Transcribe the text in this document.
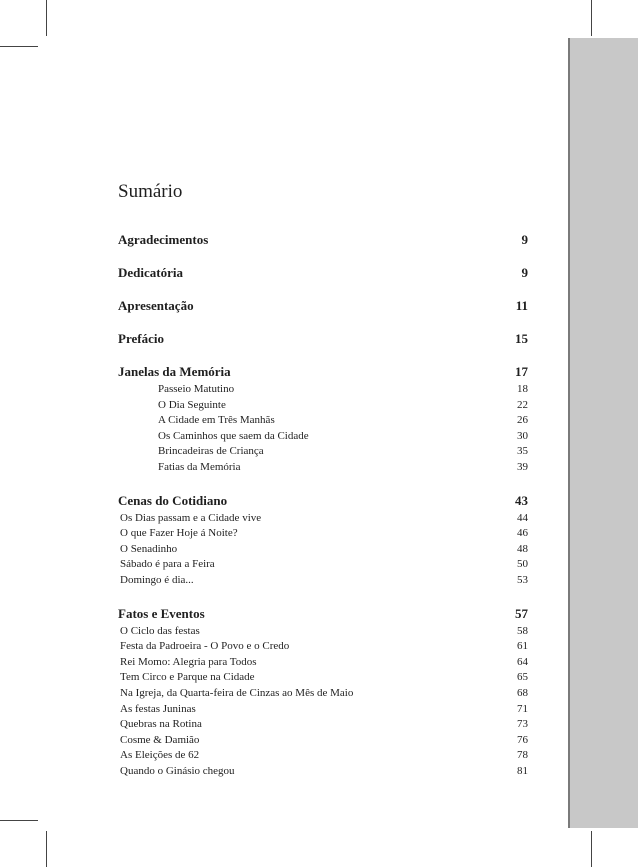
Sumário
Agradecimentos	9
Dedicatória	9
Apresentação	11
Prefácio	15
Janelas da Memória	17
Passeio Matutino	18
O Dia Seguinte	22
A Cidade em Três Manhãs	26
Os Caminhos que saem da Cidade	30
Brincadeiras de Criança	35
Fatias da Memória	39
Cenas do Cotidiano	43
Os Dias passam e a Cidade vive	44
O que Fazer Hoje á Noite?	46
O Senadinho	48
Sábado é para a Feira	50
Domingo é dia...	53
Fatos e Eventos	57
O Ciclo das festas	58
Festa da Padroeira - O Povo e o Credo	61
Rei Momo: Alegria para Todos	64
Tem Circo e Parque na Cidade	65
Na Igreja, da Quarta-feira de Cinzas ao Mês de Maio	68
As festas Juninas	71
Quebras na Rotina	73
Cosme & Damião	76
As Eleições de 62	78
Quando o Ginásio chegou	81
